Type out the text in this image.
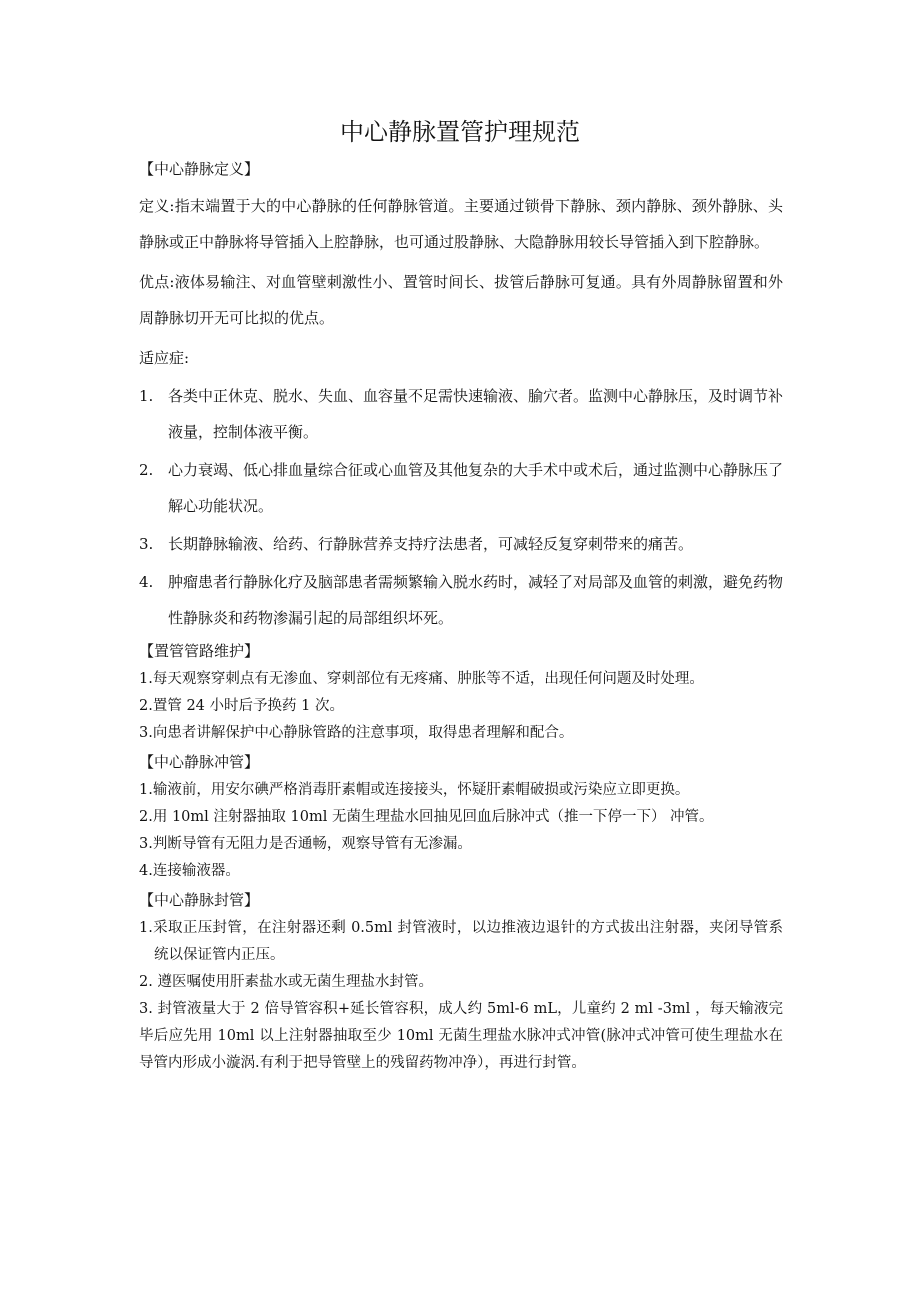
中心静脉置管护理规范
【中心静脉定义】
定义:指末端置于大的中心静脉的任何静脉管道。主要通过锁骨下静脉、颈内静脉、颈外静脉、头静脉或正中静脉将导管插入上腔静脉，也可通过股静脉、大隐静脉用较长导管插入到下腔静脉。
优点:液体易输注、对血管壁刺激性小、置管时间长、拔管后静脉可复通。具有外周静脉留置和外周静脉切开无可比拟的优点。
适应症:
1. 各类中正休克、脱水、失血、血容量不足需快速输液、腧穴者。监测中心静脉压，及时调节补液量，控制体液平衡。
2. 心力衰竭、低心排血量综合征或心血管及其他复杂的大手术中或术后，通过监测中心静脉压了解心功能状况。
3. 长期静脉输液、给药、行静脉营养支持疗法患者，可减轻反复穿刺带来的痛苦。
4. 肿瘤患者行静脉化疗及脑部患者需频繁输入脱水药时，减轻了对局部及血管的刺激，避免药物性静脉炎和药物渗漏引起的局部组织坏死。
【置管管路维护】
1.每天观察穿刺点有无渗血、穿刺部位有无疼痛、肿胀等不适，出现任何问题及时处理。
2.置管 24 小时后予换药 1 次。
3.向患者讲解保护中心静脉管路的注意事项，取得患者理解和配合。
【中心静脉冲管】
1.输液前，用安尔碘严格消毒肝素帽或连接接头，怀疑肝素帽破损或污染应立即更换。
2.用 10ml 注射器抽取 10ml 无菌生理盐水回抽见回血后脉冲式（推一下停一下） 冲管。
3.判断导管有无阻力是否通畅，观察导管有无渗漏。
4.连接输液器。
【中心静脉封管】
1.采取正压封管，在注射器还剩 0.5ml 封管液时，以边推液边退针的方式拔出注射器，夹闭导管系统以保证管内正压。
2. 遵医嘱使用肝素盐水或无菌生理盐水封管。
3. 封管液量大于 2 倍导管容积+延长管容积，成人约 5ml-6 mL，儿童约 2 ml -3ml ，每天输液完毕后应先用 10ml 以上注射器抽取至少 10ml 无菌生理盐水脉冲式冲管(脉冲式冲管可使生理盐水在导管内形成小漩涡.有利于把导管壁上的残留药物冲净），再进行封管。
